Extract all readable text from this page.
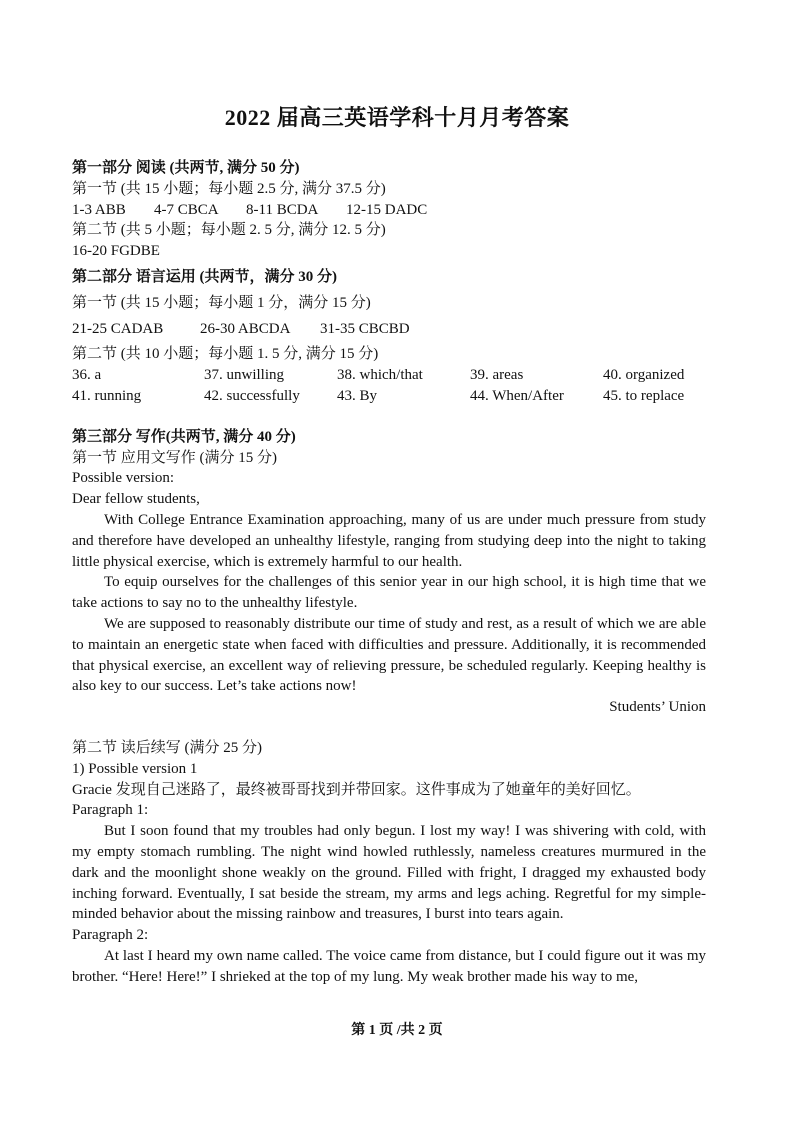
2022 届高三英语学科十月月考答案
第一部分 阅读 (共两节, 满分 50 分)
第一节 (共 15 小题；每小题 2.5 分, 满分 37.5 分)
1-3 ABB 4-7 CBCA 8-11 BCDA 12-15 DADC
第二节 (共 5 小题；每小题 2. 5 分, 满分 12. 5 分)
16-20 FGDBE
第二部分 语言运用 (共两节，满分 30 分)
第一节 (共 15 小题；每小题 1 分，满分 15 分)
21-25 CADAB 26-30 ABCDA 31-35 CBCBD
第二节 (共 10 小题；每小题 1. 5 分, 满分 15 分)
36. a	37. unwilling	38. which/that	39. areas	40. organized
41. running	42. successfully	43. By	44. When/After	45. to replace
第三部分 写作(共两节, 满分 40 分)
第一节 应用文写作 (满分 15 分)
Possible version:
Dear fellow students,

With College Entrance Examination approaching, many of us are under much pressure from study and therefore have developed an unhealthy lifestyle, ranging from studying deep into the night to taking little physical exercise, which is extremely harmful to our health.

To equip ourselves for the challenges of this senior year in our high school, it is high time that we take actions to say no to the unhealthy lifestyle.

We are supposed to reasonably distribute our time of study and rest, as a result of which we are able to maintain an energetic state when faced with difficulties and pressure. Additionally, it is recommended that physical exercise, an excellent way of relieving pressure, be scheduled regularly. Keeping healthy is also key to our success. Let’s take actions now!

Students’ Union
第二节 读后续写 (满分 25 分)
1) Possible version 1
Gracie 发现自己迷路了，最终被哥哥找到并带回家。这件事成为了她童年的美好回忆。
Paragraph 1:

But I soon found that my troubles had only begun. I lost my way! I was shivering with cold, with my empty stomach rumbling. The night wind howled ruthlessly, nameless creatures murmured in the dark and the moonlight shone weakly on the ground. Filled with fright, I dragged my exhausted body inching forward. Eventually, I sat beside the stream, my arms and legs aching. Regretful for my simple-minded behavior about the missing rainbow and treasures, I burst into tears again.

Paragraph 2:

At last I heard my own name called. The voice came from distance, but I could figure out it was my brother. “Here! Here!” I shrieked at the top of my lung. My weak brother made his way to me,

第 1 页 /共 2 页
